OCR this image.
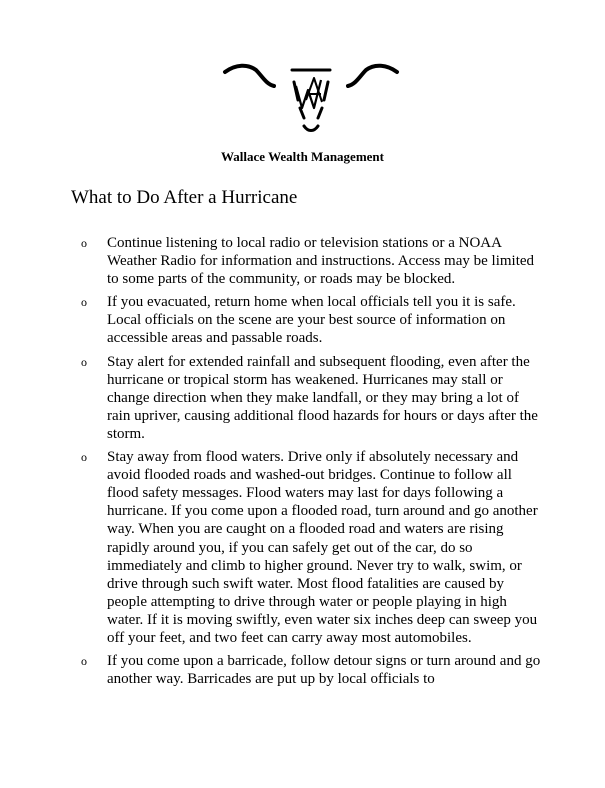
Wallace Wealth Management
What to Do After a Hurricane
o Continue listening to local radio or television stations or a NOAA Weather Radio for information and instructions. Access may be limited to some parts of the community, or roads may be blocked.
o If you evacuated, return home when local officials tell you it is safe. Local officials on the scene are your best source of information on accessible areas and passable roads.
o Stay alert for extended rainfall and subsequent flooding, even after the hurricane or tropical storm has weakened. Hurricanes may stall or change direction when they make landfall, or they may bring a lot of rain upriver, causing additional flood hazards for hours or days after the storm.
o Stay away from flood waters. Drive only if absolutely necessary and avoid flooded roads and washed-out bridges. Continue to follow all flood safety messages. Flood waters may last for days following a hurricane. If you come upon a flooded road, turn around and go another way. When you are caught on a flooded road and waters are rising rapidly around you, if you can safely get out of the car, do so immediately and climb to higher ground. Never try to walk, swim, or drive through such swift water. Most flood fatalities are caused by people attempting to drive through water or people playing in high water. If it is moving swiftly, even water six inches deep can sweep you off your feet, and two feet can carry away most automobiles.
o If you come upon a barricade, follow detour signs or turn around and go another way. Barricades are put up by local officials to
